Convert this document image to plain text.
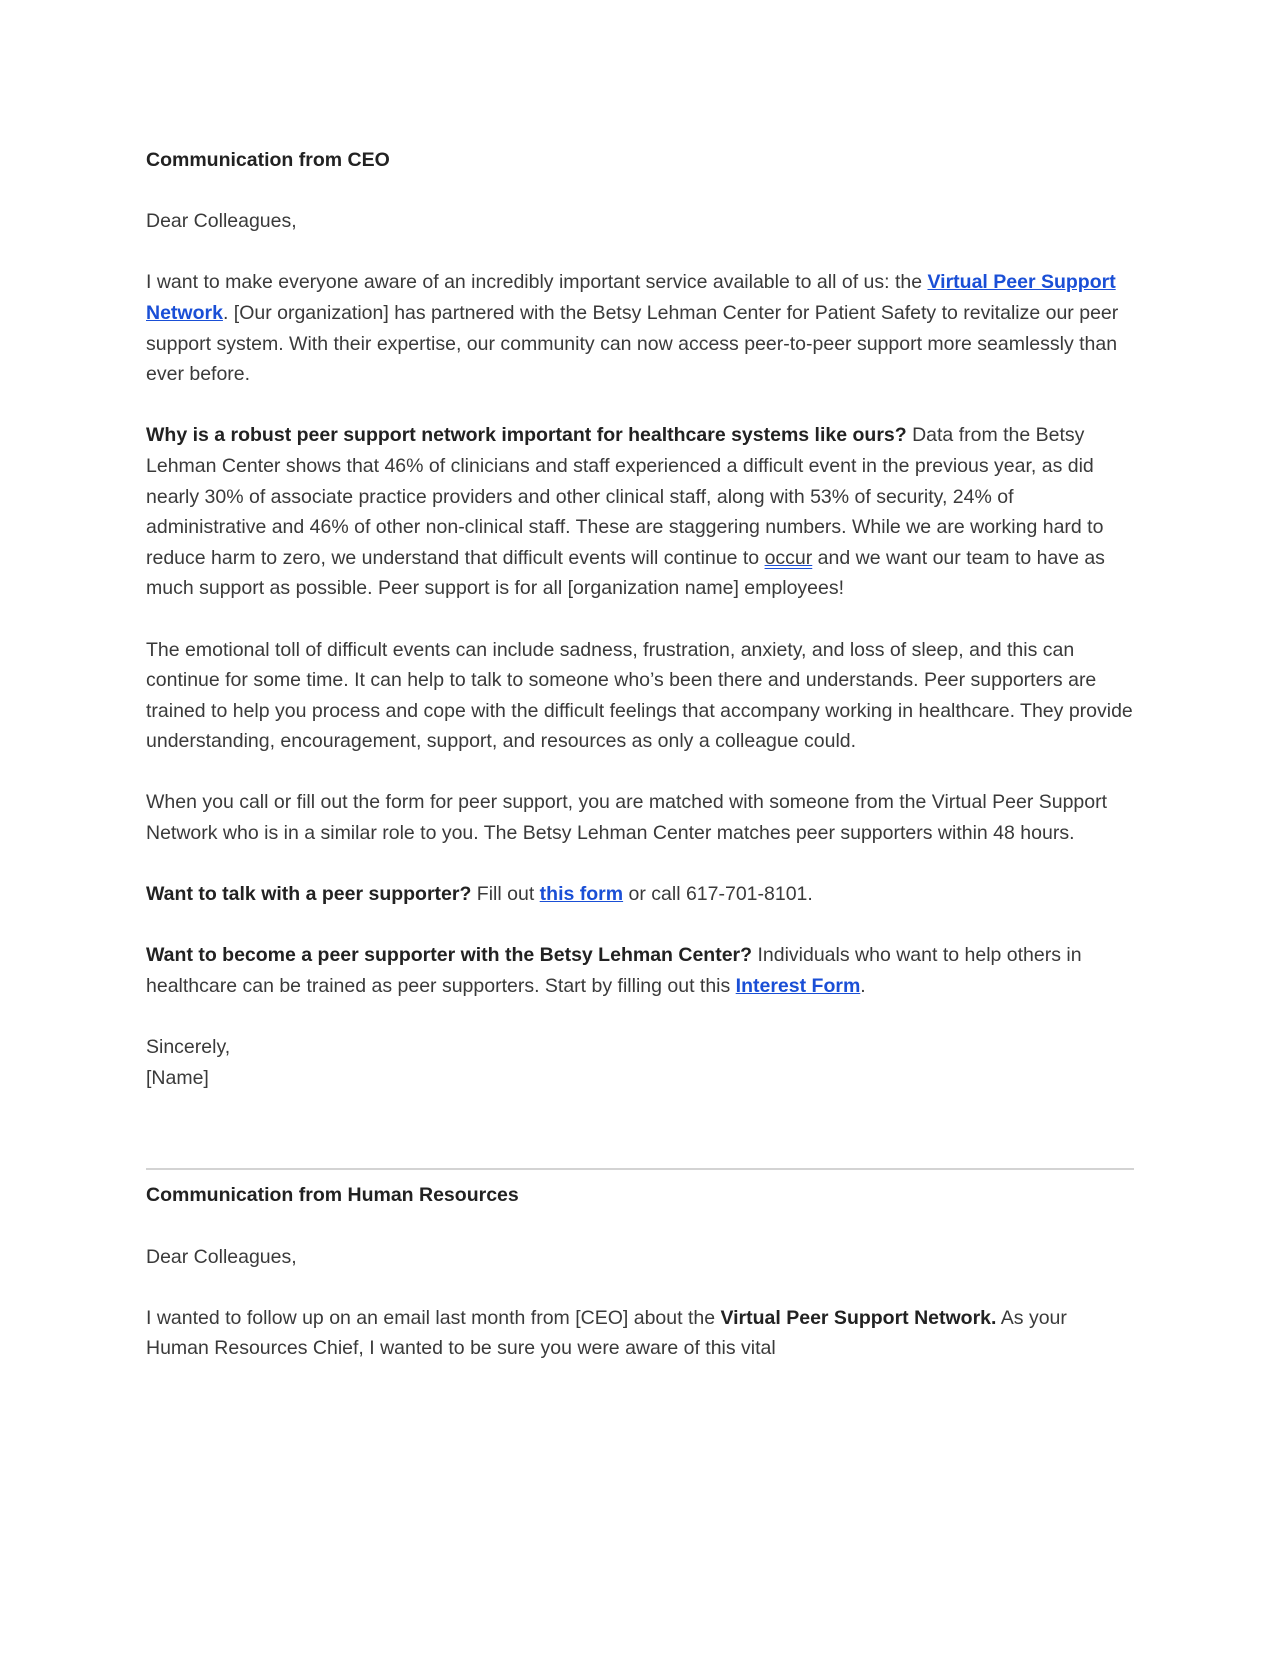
Communication from CEO

Dear Colleagues,

I want to make everyone aware of an incredibly important service available to all of us: the Virtual Peer Support Network. [Our organization] has partnered with the Betsy Lehman Center for Patient Safety to revitalize our peer support system. With their expertise, our community can now access peer-to-peer support more seamlessly than ever before.

Why is a robust peer support network important for healthcare systems like ours? Data from the Betsy Lehman Center shows that 46% of clinicians and staff experienced a difficult event in the previous year, as did nearly 30% of associate practice providers and other clinical staff, along with 53% of security, 24% of administrative and 46% of other non-clinical staff. These are staggering numbers. While we are working hard to reduce harm to zero, we understand that difficult events will continue to occur and we want our team to have as much support as possible. Peer support is for all [organization name] employees!

The emotional toll of difficult events can include sadness, frustration, anxiety, and loss of sleep, and this can continue for some time. It can help to talk to someone who’s been there and understands. Peer supporters are trained to help you process and cope with the difficult feelings that accompany working in healthcare. They provide understanding, encouragement, support, and resources as only a colleague could.

When you call or fill out the form for peer support, you are matched with someone from the Virtual Peer Support Network who is in a similar role to you. The Betsy Lehman Center matches peer supporters within 48 hours.

Want to talk with a peer supporter? Fill out this form or call 617-701-8101.

Want to become a peer supporter with the Betsy Lehman Center? Individuals who want to help others in healthcare can be trained as peer supporters. Start by filling out this Interest Form.

Sincerely,
[Name]

Communication from Human Resources

Dear Colleagues,

I wanted to follow up on an email last month from [CEO] about the Virtual Peer Support Network. As your Human Resources Chief, I wanted to be sure you were aware of this vital
